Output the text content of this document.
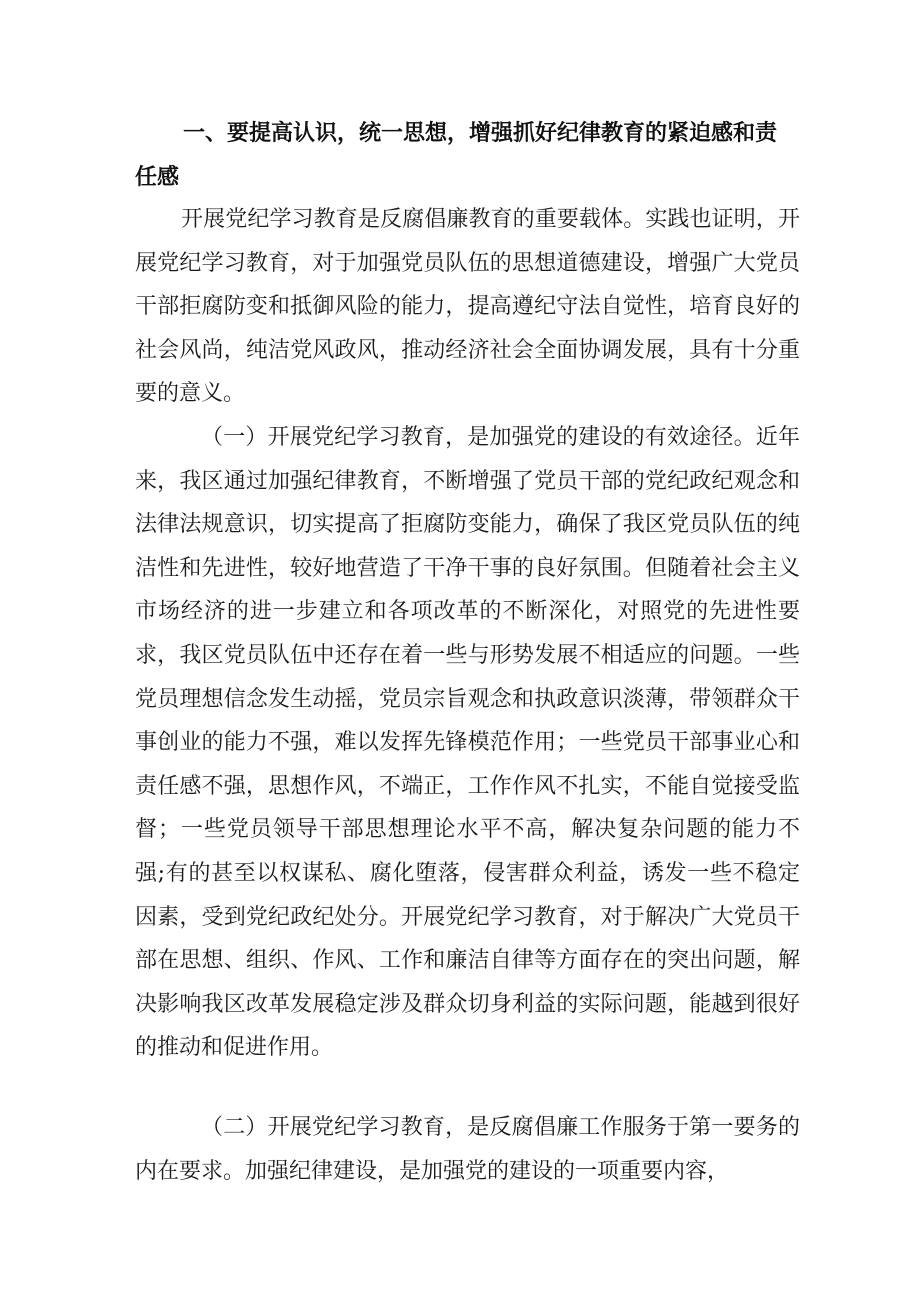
一、要提高认识，统一思想，增强抓好纪律教育的紧迫感和责任感

开展党纪学习教育是反腐倡廉教育的重要载体。实践也证明，开展党纪学习教育，对于加强党员队伍的思想道德建设，增强广大党员干部拒腐防变和抵御风险的能力，提高遵纪守法自觉性，培育良好的社会风尚，纯洁党风政风，推动经济社会全面协调发展，具有十分重要的意义。

（一）开展党纪学习教育，是加强党的建设的有效途径。近年来，我区通过加强纪律教育，不断增强了党员干部的党纪政纪观念和法律法规意识，切实提高了拒腐防变能力，确保了我区党员队伍的纯洁性和先进性，较好地营造了干净干事的良好氛围。但随着社会主义市场经济的进一步建立和各项改革的不断深化，对照党的先进性要求，我区党员队伍中还存在着一些与形势发展不相适应的问题。一些党员理想信念发生动摇，党员宗旨观念和执政意识淡薄，带领群众干事创业的能力不强，难以发挥先锋模范作用；一些党员干部事业心和责任感不强，思想作风，不端正，工作作风不扎实，不能自觉接受监督；一些党员领导干部思想理论水平不高，解决复杂问题的能力不强;有的甚至以权谋私、腐化堕落，侵害群众利益，诱发一些不稳定因素，受到党纪政纪处分。开展党纪学习教育，对于解决广大党员干部在思想、组织、作风、工作和廉洁自律等方面存在的突出问题，解决影响我区改革发展稳定涉及群众切身利益的实际问题，能越到很好的推动和促进作用。

（二）开展党纪学习教育，是反腐倡廉工作服务于第一要务的内在要求。加强纪律建设，是加强党的建设的一项重要内容，
